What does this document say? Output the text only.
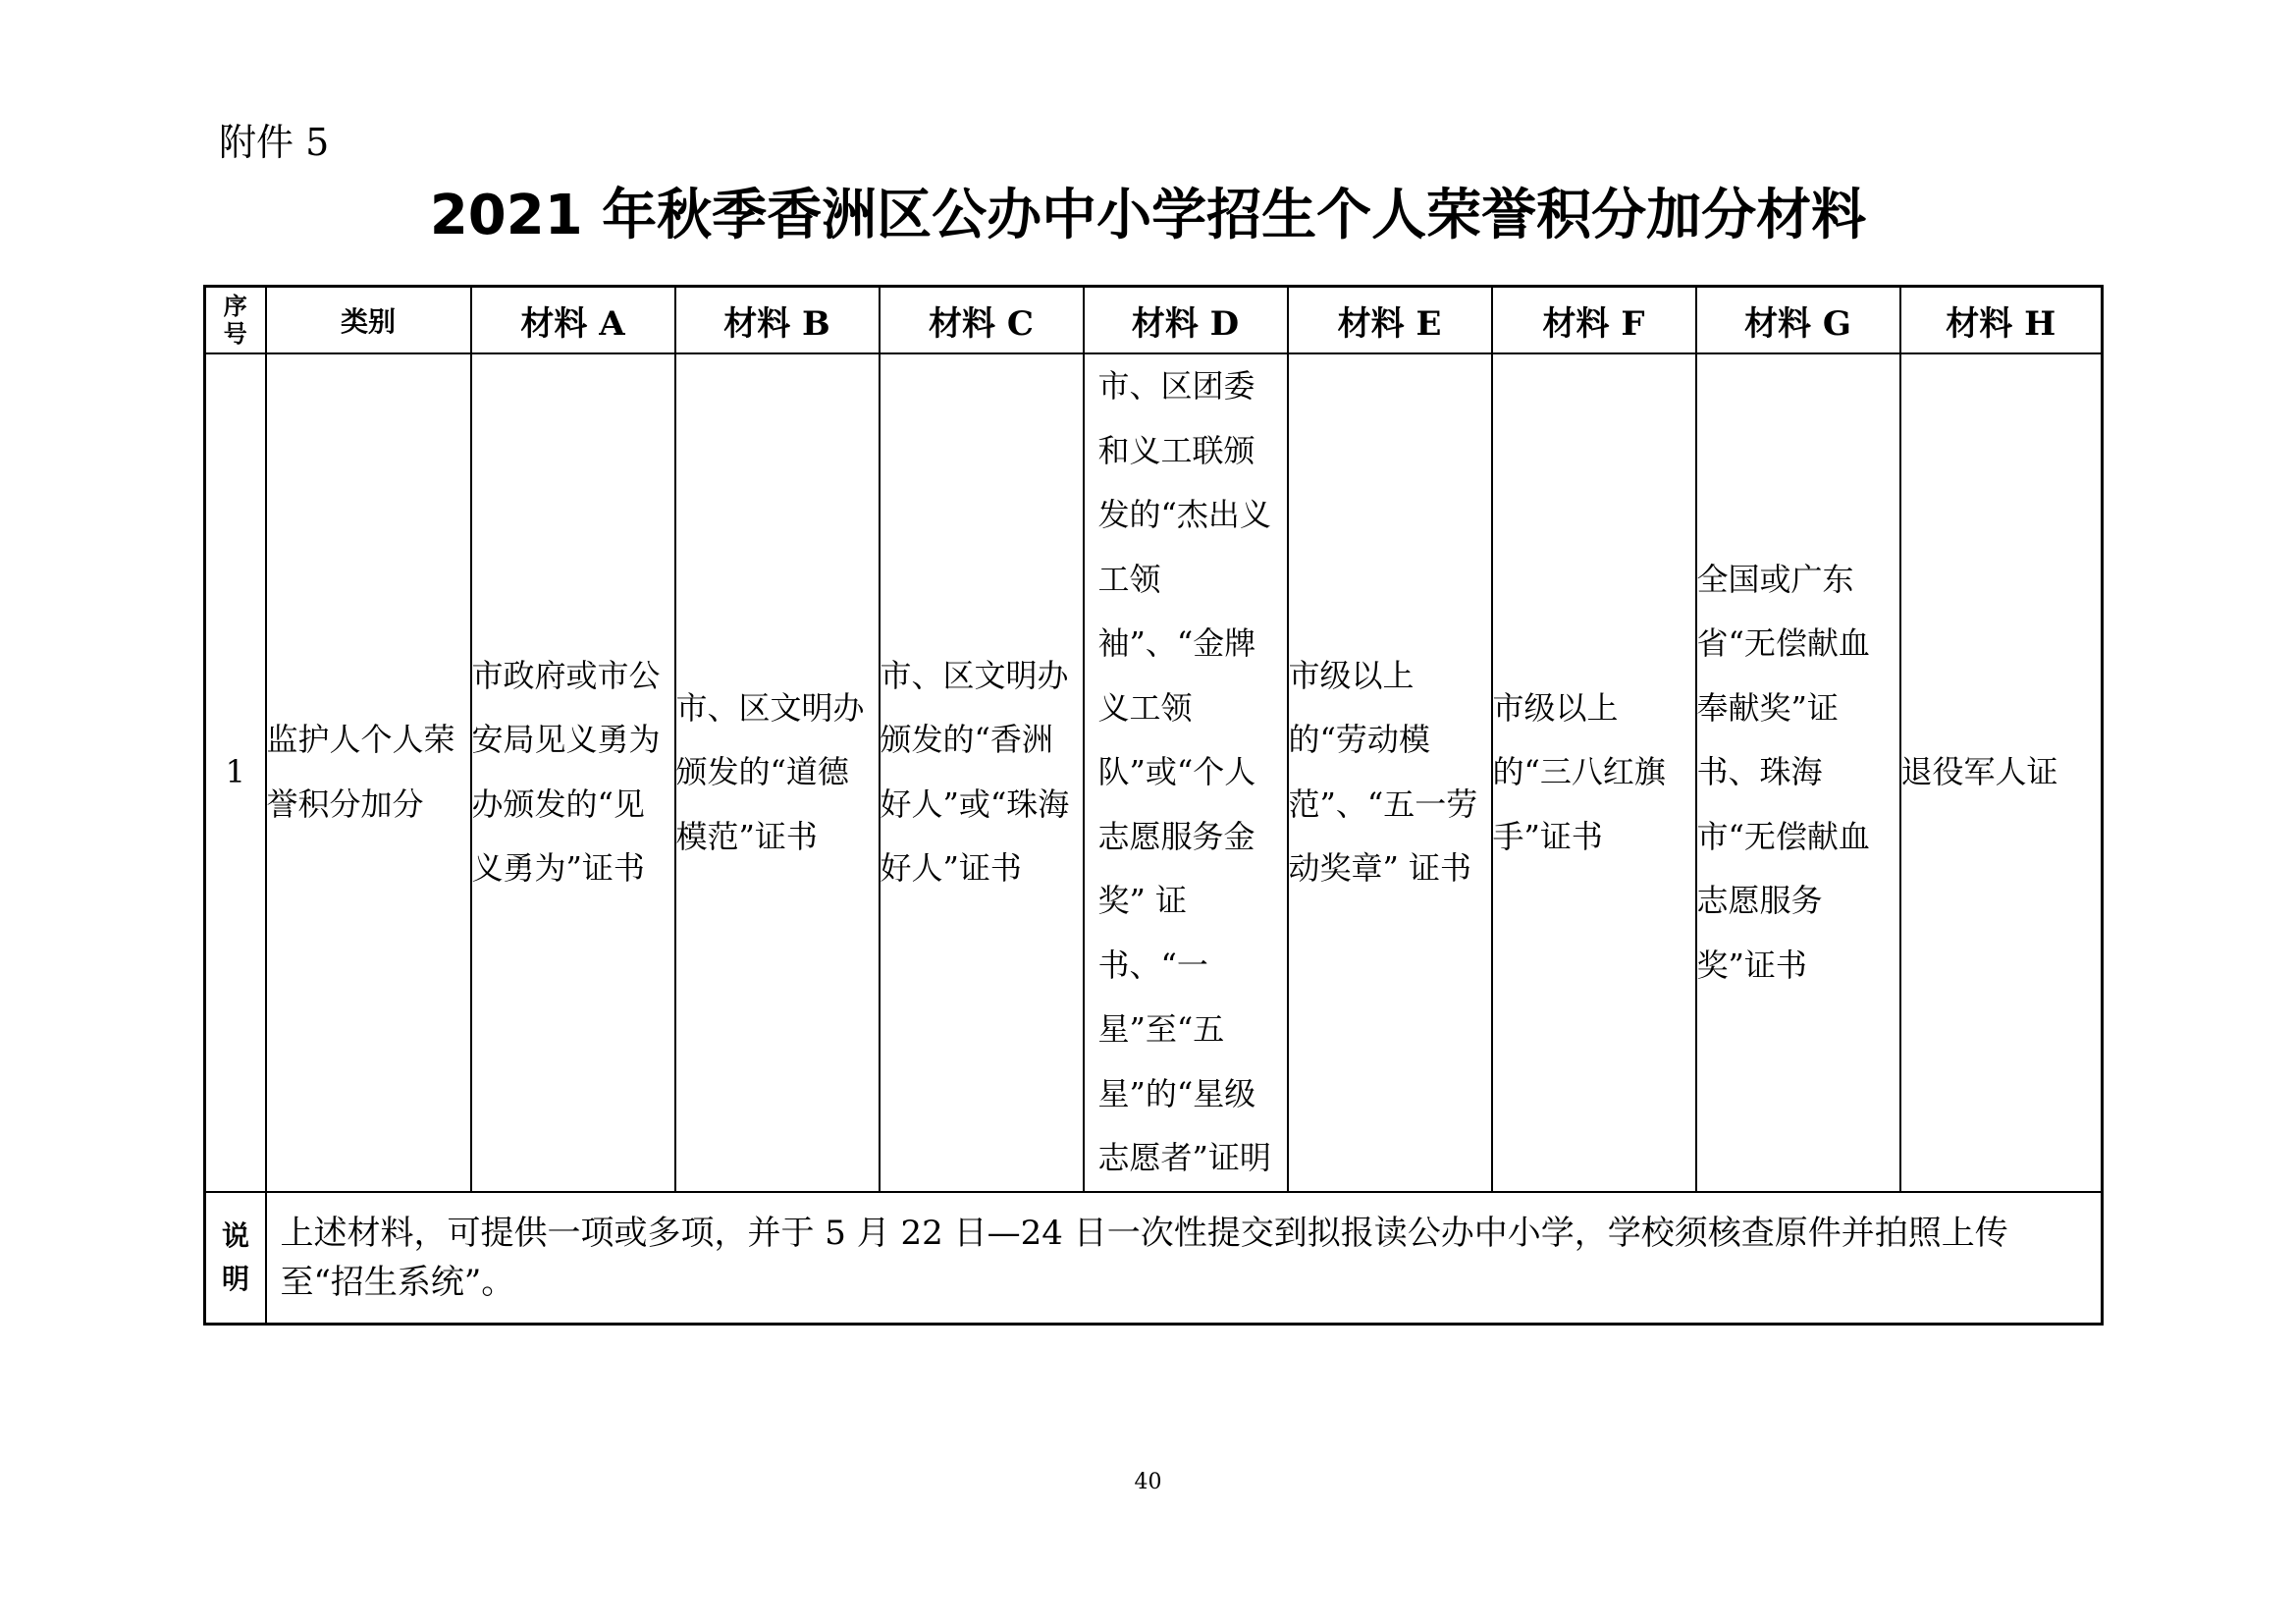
附件 5
2021 年秋季香洲区公办中小学招生个人荣誉积分加分材料
序号	类别	材料 A	材料 B	材料 C	材料 D	材料 E	材料 F	材料 G	材料 H
1	监护人个人荣誉积分加分	市政府或市公安局见义勇为办颁发的“见义勇为”证书	市、区文明办颁发的“道德模范”证书	市、区文明办颁发的“香洲好人”或“珠海好人”证书	市、区团委和义工联颁发的“杰出义工领袖”、“金牌义工领队”或“个人志愿服务金奖” 证书、“一星”至“五星”的“星级志愿者”证明	市级以上的“劳动模范”、“五一劳动奖章” 证书	市级以上的“三八红旗手”证书	全国或广东省“无偿献血奉献奖”证书、珠海市“无偿献血志愿服务奖”证书	退役军人证
说明	上述材料，可提供一项或多项，并于 5 月 22 日—24 日一次性提交到拟报读公办中小学，学校须核查原件并拍照上传至“招生系统”。								
40
